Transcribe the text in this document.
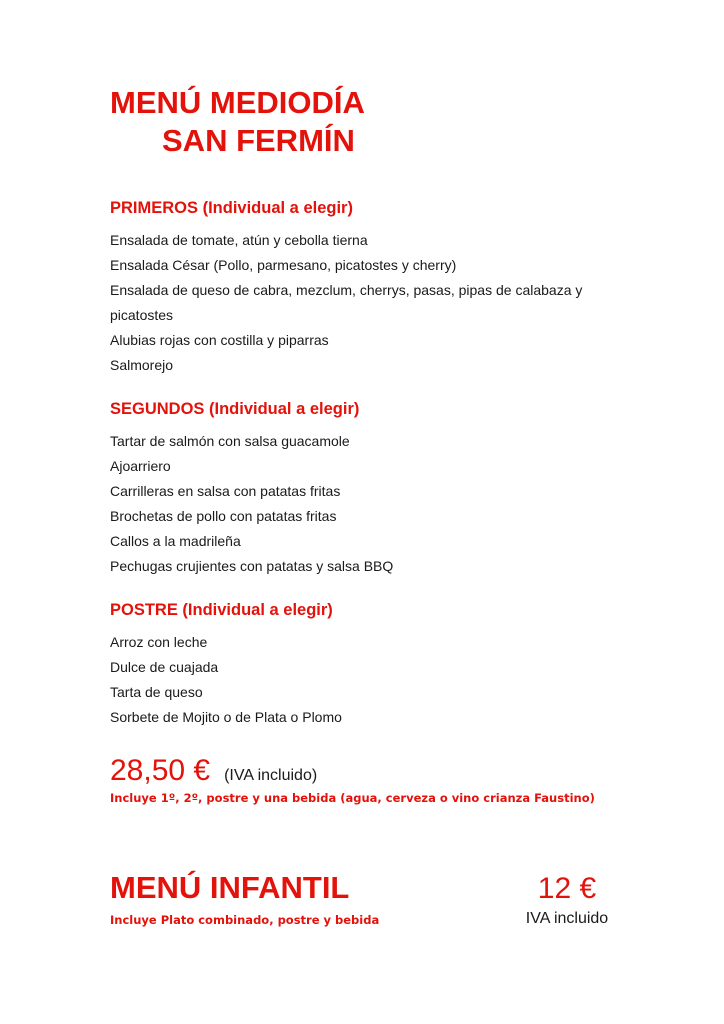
MENÚ MEDIODÍA
SAN FERMÍN
PRIMEROS (Individual a elegir)
Ensalada de tomate, atún y cebolla tierna
Ensalada César (Pollo, parmesano, picatostes y cherry)
Ensalada de queso de cabra, mezclum, cherrys, pasas, pipas de calabaza y
picatostes
Alubias rojas con costilla y piparras
Salmorejo
SEGUNDOS (Individual a elegir)
Tartar de salmón con salsa guacamole
Ajoarriero
Carrilleras en salsa con patatas fritas
Brochetas de pollo con patatas fritas
Callos a la madrileña
Pechugas crujientes con patatas y salsa BBQ
POSTRE (Individual a elegir)
Arroz con leche
Dulce de cuajada
Tarta de queso
Sorbete de Mojito o de Plata o Plomo
28,50 € (IVA incluido)
Incluye 1º, 2º, postre y una bebida (agua, cerveza o vino crianza Faustino)
MENÚ INFANTIL
Incluye Plato combinado, postre y bebida
12 €
IVA incluido
